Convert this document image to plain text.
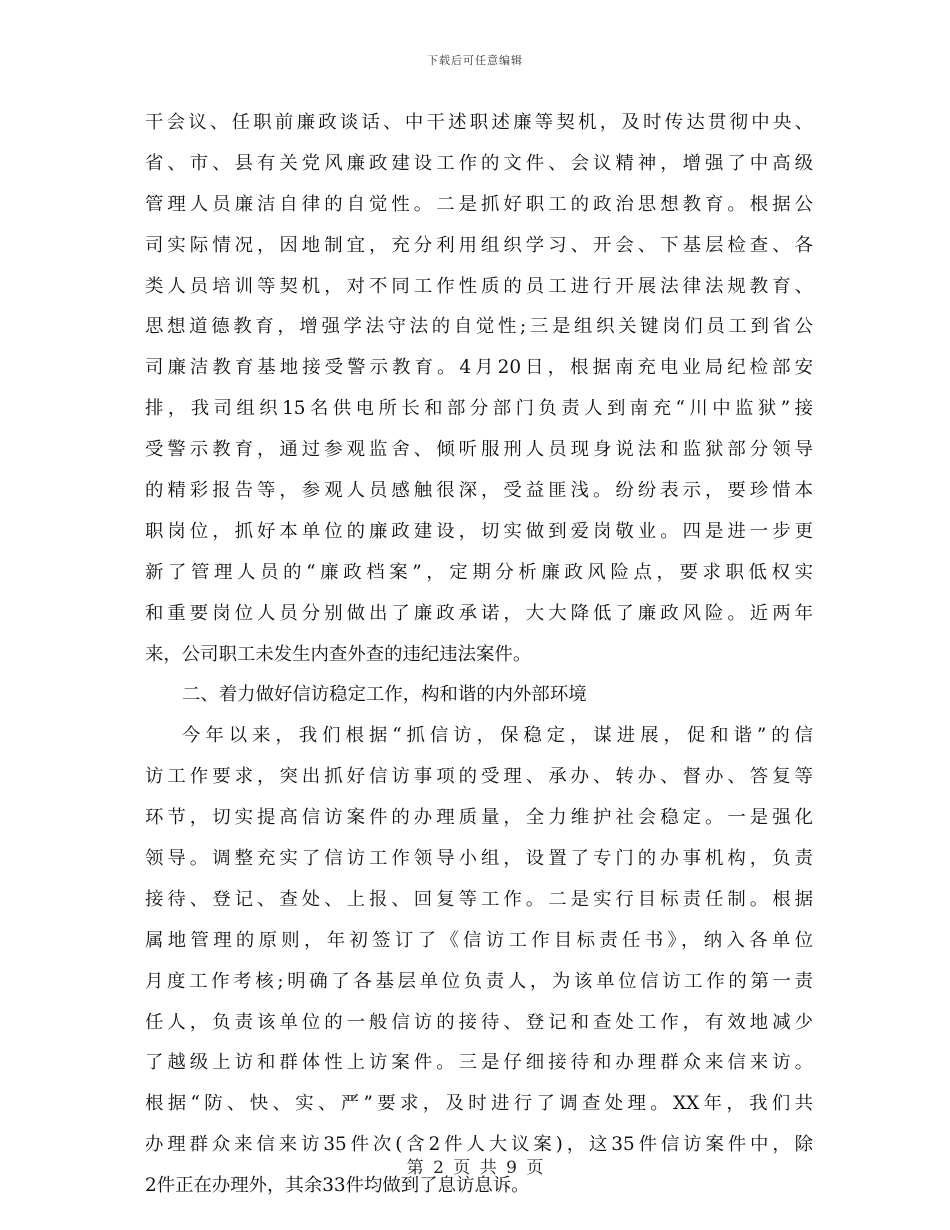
下载后可任意编辑
干会议、任职前廉政谈话、中干述职述廉等契机，及时传达贯彻中央、
省、市、县有关党风廉政建设工作的文件、会议精神，增强了中高级
管理人员廉洁自律的自觉性。二是抓好职工的政治思想教育。根据公
司实际情况，因地制宜，充分利用组织学习、开会、下基层检查、各
类人员培训等契机，对不同工作性质的员工进行开展法律法规教育、
思想道德教育，增强学法守法的自觉性;三是组织关键岗们员工到省公
司廉洁教育基地接受警示教育。4月20日，根据南充电业局纪检部安
排，我司组织15名供电所长和部分部门负责人到南充“川中监狱”接
受警示教育，通过参观监舍、倾听服刑人员现身说法和监狱部分领导
的精彩报告等，参观人员感触很深，受益匪浅。纷纷表示，要珍惜本
职岗位，抓好本单位的廉政建设，切实做到爱岗敬业。四是进一步更
新了管理人员的“廉政档案”，定期分析廉政风险点，要求职低权实
和重要岗位人员分别做出了廉政承诺，大大降低了廉政风险。近两年
来，公司职工未发生内查外查的违纪违法案件。
二、着力做好信访稳定工作，构和谐的内外部环境
今年以来，我们根据“抓信访，保稳定，谋进展，促和谐”的信
访工作要求，突出抓好信访事项的受理、承办、转办、督办、答复等
环节，切实提高信访案件的办理质量，全力维护社会稳定。一是强化
领导。调整充实了信访工作领导小组，设置了专门的办事机构，负责
接待、登记、查处、上报、回复等工作。二是实行目标责任制。根据
属地管理的原则，年初签订了《信访工作目标责任书》，纳入各单位
月度工作考核;明确了各基层单位负责人，为该单位信访工作的第一责
任人，负责该单位的一般信访的接待、登记和查处工作，有效地减少
了越级上访和群体性上访案件。三是仔细接待和办理群众来信来访。
根据“防、快、实、严”要求，及时进行了调查处理。XX年，我们共
办理群众来信来访35件次(含2件人大议案)，这35件信访案件中，除
2件正在办理外，其余33件均做到了息访息诉。
第 2 页 共 9 页
